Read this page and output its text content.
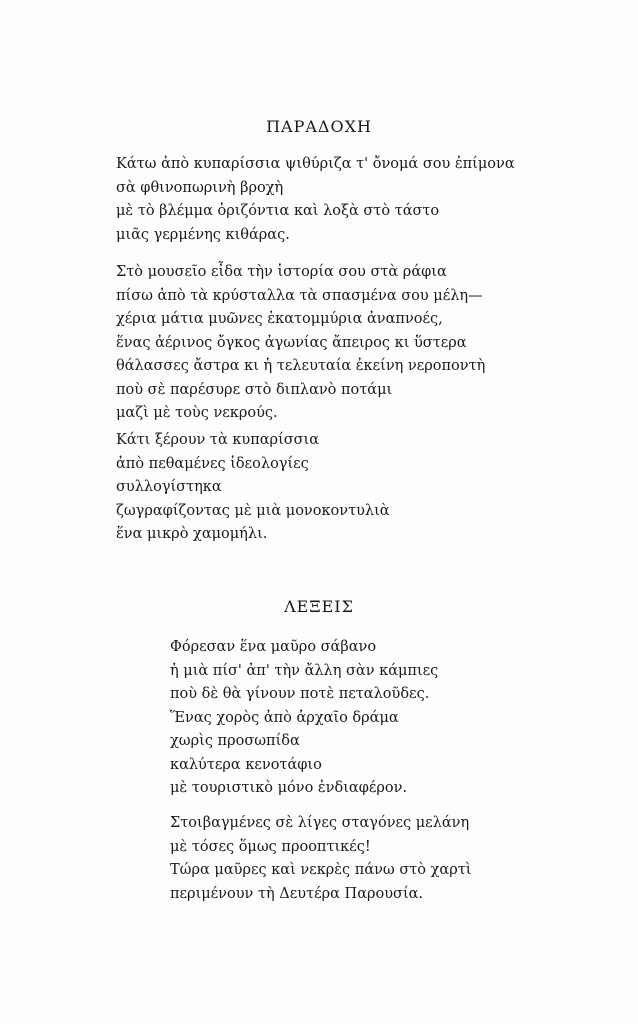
ΠΑΡΑΔΟΧΗ
Κάτω ἀπὸ κυπαρίσσια ψιθύριζα τ' ὄνομά σου ἐπίμονα
σὰ φθινοπωρινὴ βροχὴ
μὲ τὸ βλέμμα ὁριζόντια καὶ λοξὰ στὸ τάστο
μιᾶς γερμένης κιθάρας.
Στὸ μουσεῖο εἶδα τὴν ἱστορία σου στὰ ράφια
πίσω ἀπὸ τὰ κρύσταλλα τὰ σπασμένα σου μέλη—
χέρια μάτια μυῶνες ἑκατομμύρια ἀναπνοές,
ἕνας ἀέρινος ὄγκος ἀγωνίας ἄπειρος κι ὕστερα
θάλασσες ἄστρα κι ἡ τελευταία ἐκείνη νεροποντὴ
ποὺ σὲ παρέσυρε στὸ διπλανὸ ποτάμι
μαζὶ μὲ τοὺς νεκρούς.
Κάτι ξέρουν τὰ κυπαρίσσια
ἀπὸ πεθαμένες ἰδεολογίες
συλλογίστηκα
ζωγραφίζοντας μὲ μιὰ μονοκοντυλιὰ
ἕνα μικρὸ χαμομήλι.
ΛΕΞΕΙΣ
Φόρεσαν ἕνα μαῦρο σάβανο
ἡ μιὰ πίσ' ἀπ' τὴν ἄλλη σὰν κάμπιες
ποὺ δὲ θὰ γίνουν ποτὲ πεταλοῦδες.
Ἕνας χορὸς ἀπὸ ἀρχαῖο δράμα
χωρὶς προσωπίδα
καλύτερα κενοτάφιο
μὲ τουριστικὸ μόνο ἐνδιαφέρον.
Στοιβαγμένες σὲ λίγες σταγόνες μελάνη
μὲ τόσες ὅμως προοπτικές!
Τώρα μαῦρες καὶ νεκρὲς πάνω στὸ χαρτὶ
περιμένουν τὴ Δευτέρα Παρουσία.
